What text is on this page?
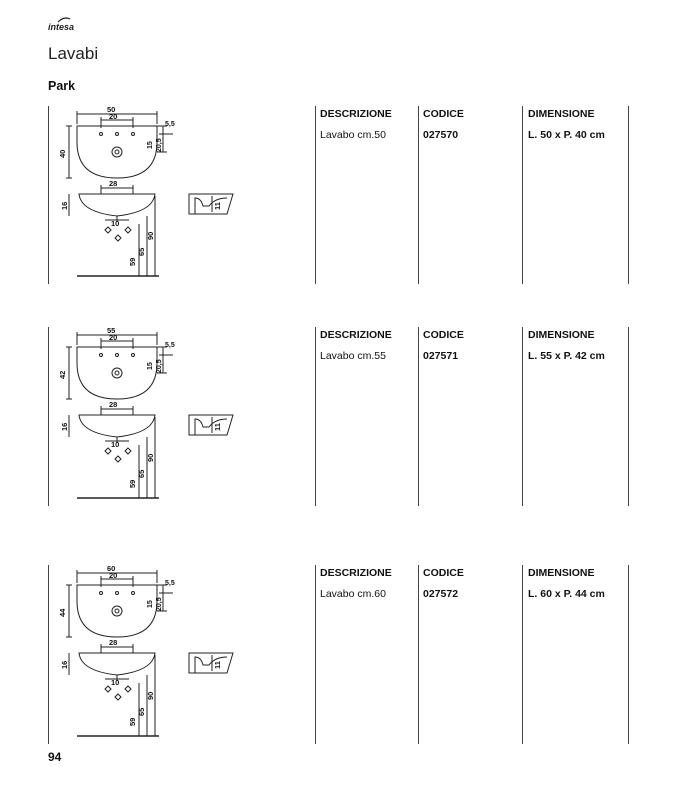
intesa
Lavabi
Park
50
20
5,5
15 20,5
40
28
16
10
59
65
90
11
DESCRIZIONE	CODICE	DIMENSIONE
Lavabo cm.50	027570	L. 50 x P. 40 cm
55
20
5,5
15 20,5
42
28
16
10
59
65
90
11
DESCRIZIONE	CODICE	DIMENSIONE
Lavabo cm.55	027571	L. 55 x P. 42 cm
60
20
5,5
15 20,5
44
28
16
10
59
65
90
11
DESCRIZIONE	CODICE	DIMENSIONE
Lavabo cm.60	027572	L. 60 x P. 44 cm
94
